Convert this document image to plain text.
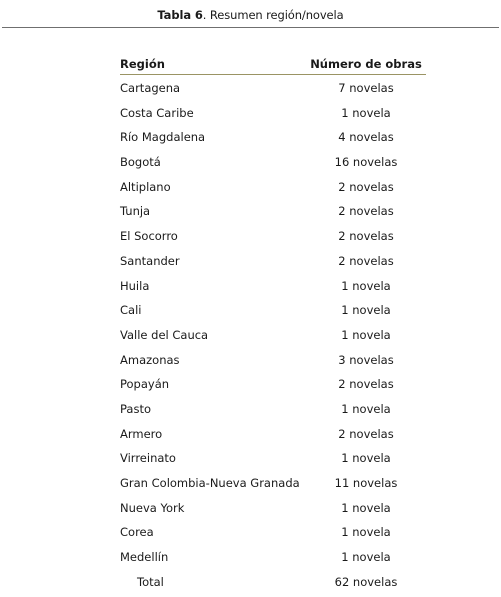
Tabla 6. Resumen región/novela
Región	Número de obras
Cartagena	7 novelas
Costa Caribe	1 novela
Río Magdalena	4 novelas
Bogotá	16 novelas
Altiplano	2 novelas
Tunja	2 novelas
El Socorro	2 novelas
Santander	2 novelas
Huila	1 novela
Cali	1 novela
Valle del Cauca	1 novela
Amazonas	3 novelas
Popayán	2 novelas
Pasto	1 novela
Armero	2 novelas
Virreinato	1 novela
Gran Colombia-Nueva Granada	11 novelas
Nueva York	1 novela
Corea	1 novela
Medellín	1 novela
Total	62 novelas
